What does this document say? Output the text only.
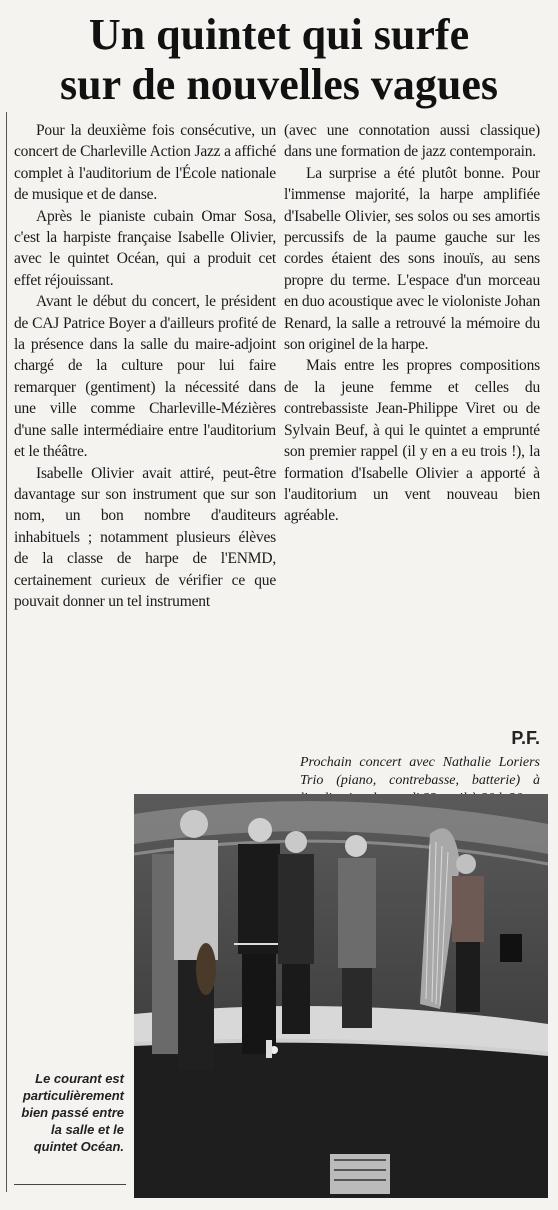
Un quintet qui surfe
sur de nouvelles vagues

Pour la deuxième fois consécutive, un concert de Charleville Action Jazz a affiché complet à l'auditorium de l'École nationale de musique et de danse.

Après le pianiste cubain Omar Sosa, c'est la harpiste française Isabelle Olivier, avec le quintet Océan, qui a produit cet effet réjouissant.

Avant le début du concert, le président de CAJ Patrice Boyer a d'ailleurs profité de la présence dans la salle du maire-adjoint chargé de la culture pour lui faire remarquer (gentiment) la nécessité dans une ville comme Charleville-Mézières d'une salle intermédiaire entre l'auditorium et le théâtre.

Isabelle Olivier avait attiré, peut-être davantage sur son instrument que sur son nom, un bon nombre d'auditeurs inhabituels ; notamment plusieurs élèves de la classe de harpe de l'ENMD, certainement curieux de vérifier ce que pouvait donner un tel instrument

(avec une connotation aussi classique) dans une formation de jazz contemporain.

La surprise a été plutôt bonne. Pour l'immense majorité, la harpe amplifiée d'Isabelle Olivier, ses solos ou ses amortis percussifs de la paume gauche sur les cordes étaient des sons inouïs, au sens propre du terme. L'espace d'un morceau en duo acoustique avec le violoniste Johan Renard, la salle a retrouvé la mémoire du son originel de la harpe.

Mais entre les propres compositions de la jeune femme et celles du contrebassiste Jean-Philippe Viret ou de Sylvain Beuf, à qui le quintet a emprunté son premier rappel (il y en a eu trois !), la formation d'Isabelle Olivier a apporté à l'auditorium un vent nouveau bien agréable.

P.F.
Prochain concert avec Nathalie Loriers Trio (piano, contrebasse, batterie) à
Le courant est particulièrement bien passé entre la salle et le quintet Océan.
